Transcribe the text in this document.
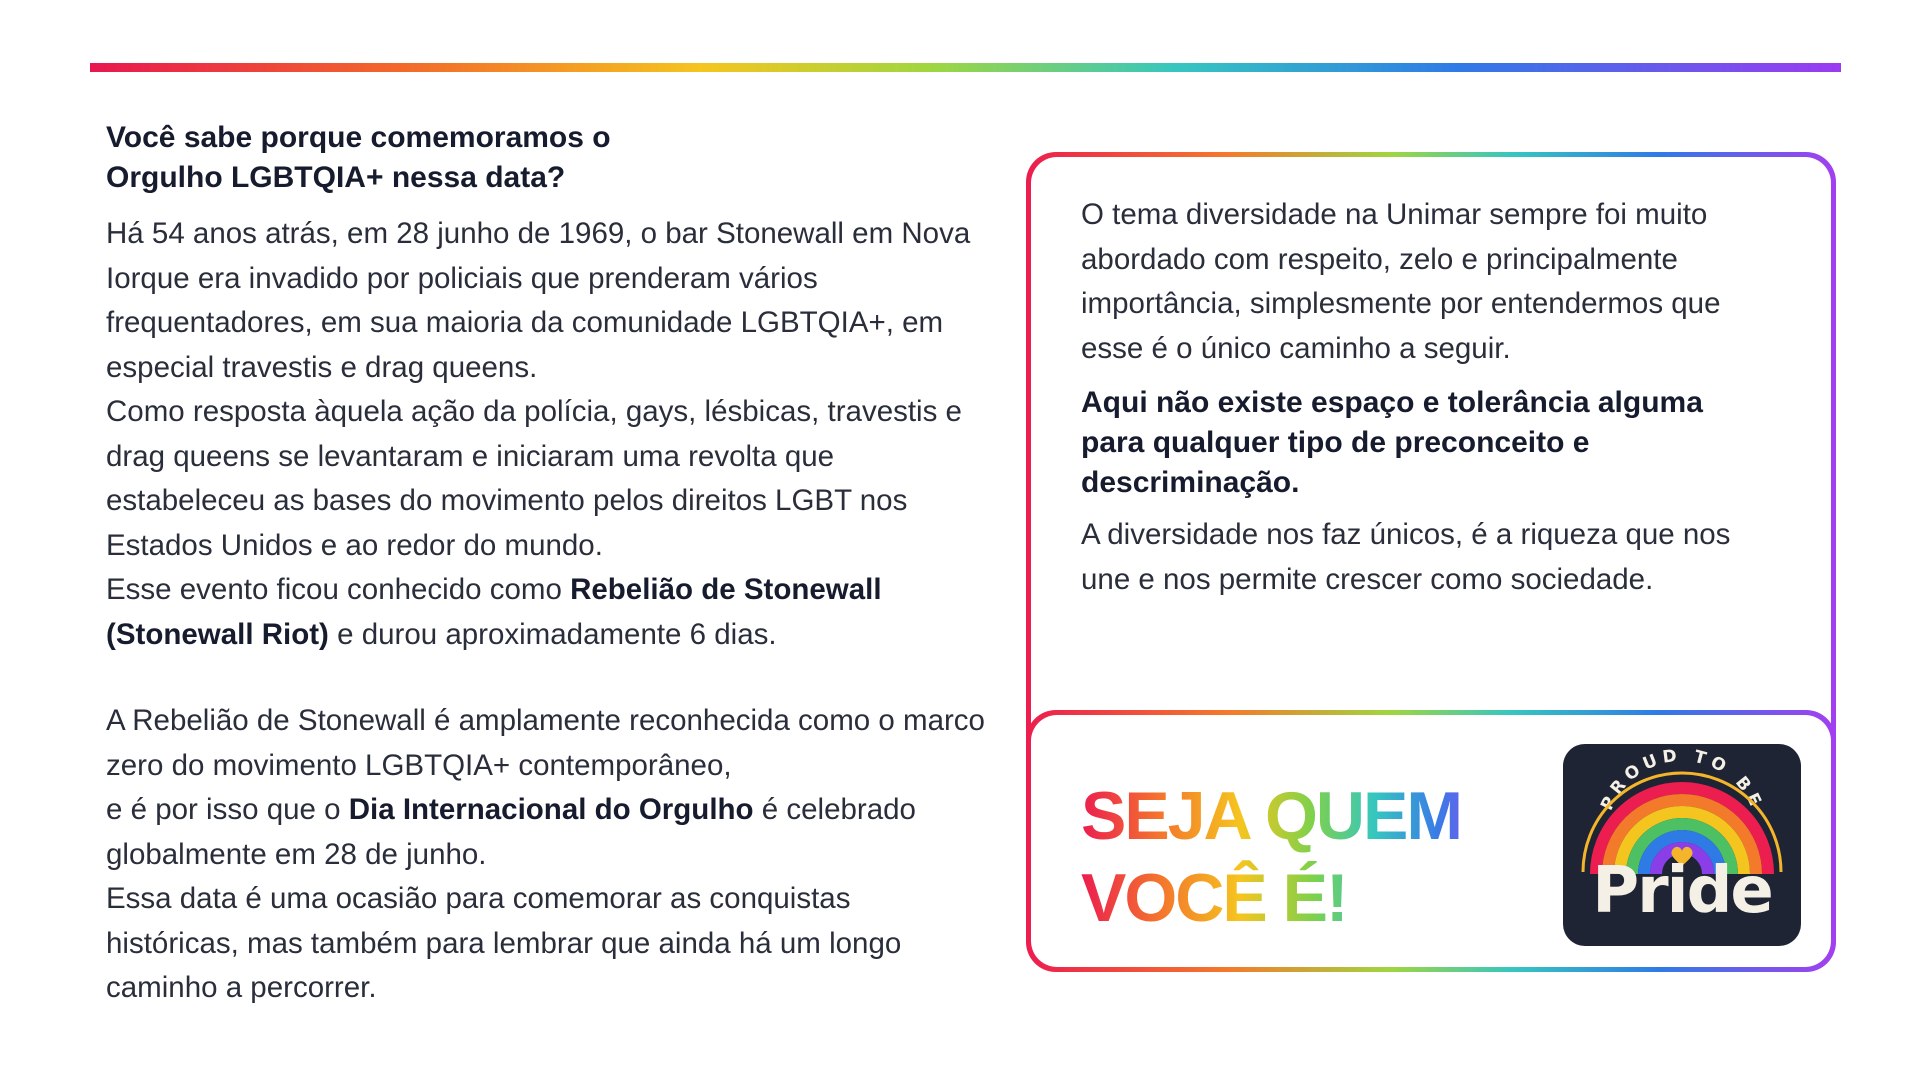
Você sabe porque comemoramos o
Orgulho LGBTQIA+ nessa data?

Há 54 anos atrás, em 28 junho de 1969, o bar Stonewall em Nova Iorque era invadido por policiais que prenderam vários frequentadores, em sua maioria da comunidade LGBTQIA+, em especial travestis e drag queens.
Como resposta àquela ação da polícia, gays, lésbicas, travestis e drag queens se levantaram e iniciaram uma revolta que estabeleceu as bases do movimento pelos direitos LGBT nos Estados Unidos e ao redor do mundo.
Esse evento ficou conhecido como Rebelião de Stonewall (Stonewall Riot) e durou aproximadamente 6 dias.

A Rebelião de Stonewall é amplamente reconhecida como o marco zero do movimento LGBTQIA+ contemporâneo,
e é por isso que o Dia Internacional do Orgulho é celebrado globalmente em 28 de junho.
Essa data é uma ocasião para comemorar as conquistas históricas, mas também para lembrar que ainda há um longo caminho a percorrer.

O tema diversidade na Unimar sempre foi muito abordado com respeito, zelo e principalmente importância, simplesmente por entendermos que esse é o único caminho a seguir.

Aqui não existe espaço e tolerância alguma para qualquer tipo de preconceito e descriminação.

A diversidade nos faz únicos, é a riqueza que nos une e nos permite crescer como sociedade.

SEJA QUEM
VOCÊ É!
PROUD TO BE
Pride
